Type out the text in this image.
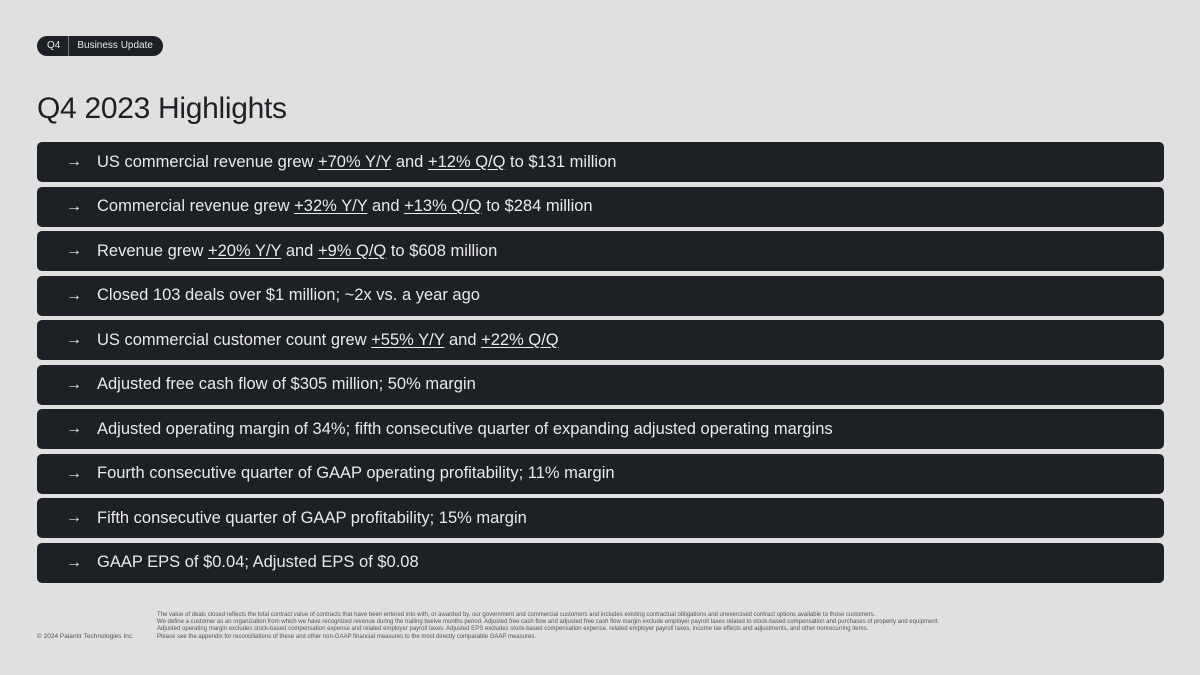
Q4	Business Update
Q4 2023 Highlights
→ US commercial revenue grew +70% Y/Y and +12% Q/Q to $131 million
→ Commercial revenue grew +32% Y/Y and +13% Q/Q to $284 million
→ Revenue grew +20% Y/Y and +9% Q/Q to $608 million
→ Closed 103 deals over $1 million; ~2x vs. a year ago
→ US commercial customer count grew +55% Y/Y and +22% Q/Q
→ Adjusted free cash flow of $305 million; 50% margin
→ Adjusted operating margin of 34%; fifth consecutive quarter of expanding adjusted operating margins
→ Fourth consecutive quarter of GAAP operating profitability; 11% margin
→ Fifth consecutive quarter of GAAP profitability; 15% margin
→ GAAP EPS of $0.04; Adjusted EPS of $0.08
© 2024 Palantir Technologies Inc.
The value of deals closed reflects the total contract value of contracts that have been entered into with, or awarded by, our government and commercial customers and includes existing contractual obligations and unexercised contract options available to those customers.
We define a customer as an organization from which we have recognized revenue during the trailing twelve months period. Adjusted free cash flow and adjusted free cash flow margin exclude employer payroll taxes related to stock-based compensation and purchases of property and equipment.
Adjusted operating margin excludes stock-based compensation expense and related employer payroll taxes. Adjusted EPS excludes stock-based compensation expense, related employer payroll taxes, income tax effects and adjustments, and other nonrecurring items.
Please see the appendix for reconciliations of these and other non-GAAP financial measures to the most directly comparable GAAP measures.
